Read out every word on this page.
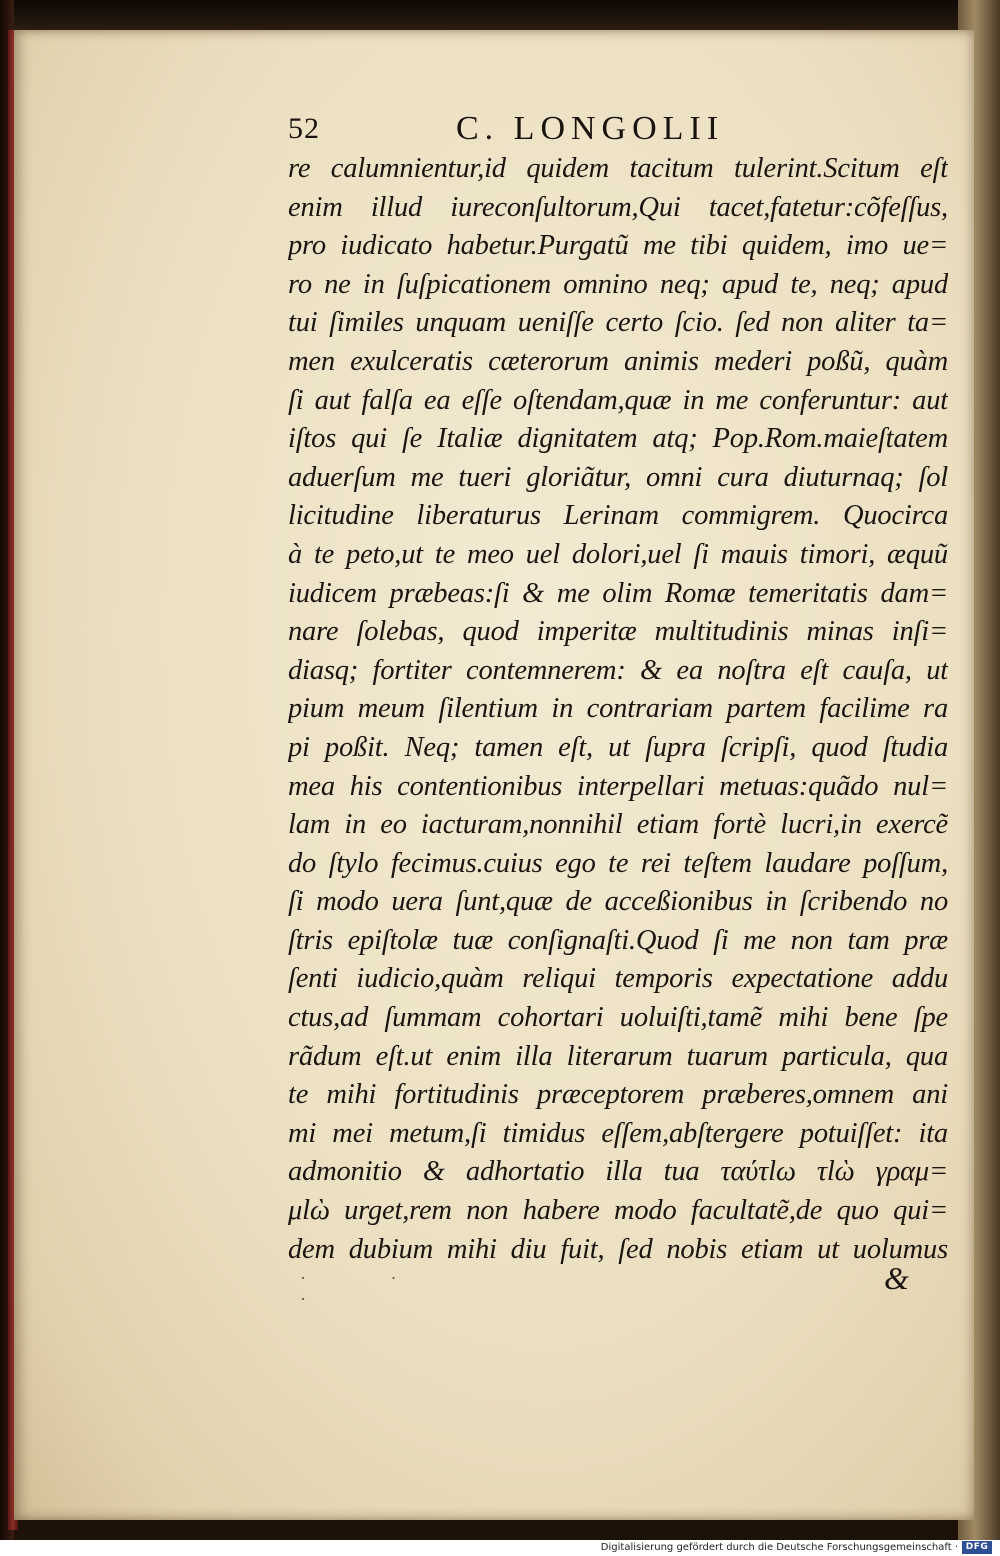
52	C. LONGOLII
re calumnientur,id quidem tacitum tulerint.Scitum eſt
enim illud iureconſultorum,Qui tacet,fatetur:cõfeſſus,
pro iudicato habetur.Purgatũ me tibi quidem, imo ue=
ro ne in ſuſpicationem omnino neq; apud te, neq; apud
tui ſimiles unquam ueniſſe certo ſcio. ſed non aliter ta=
men exulceratis cæterorum animis mederi poßũ, quàm
ſi aut falſa ea eſſe oſtendam,quæ in me conferuntur: aut
iſtos qui ſe Italiæ dignitatem atq; Pop.Rom.maieſtatem
aduerſum me tueri gloriãtur, omni cura diuturnaq; ſol
licitudine liberaturus Lerinam commigrem. Quocirca
à te peto,ut te meo uel dolori,uel ſi mauis timori, æquũ
iudicem præbeas:ſi & me olim Romæ temeritatis dam=
nare ſolebas, quod imperitæ multitudinis minas inſi=
diasq; fortiter contemnerem: & ea noſtra eſt cauſa, ut
pium meum ſilentium in contrariam partem facilime ra
pi poßit. Neq; tamen eſt, ut ſupra ſcripſi, quod ſtudia
mea his contentionibus interpellari metuas:quãdo nul=
lam in eo iacturam,nonnihil etiam fortè lucri,in exercẽ
do ſtylo fecimus.cuius ego te rei teſtem laudare poſſum,
ſi modo uera ſunt,quæ de acceßionibus in ſcribendo no
ſtris epiſtolæ tuæ conſignaſti.Quod ſi me non tam præ
ſenti iudicio,quàm reliqui temporis expectatione addu
ctus,ad ſummam cohortari uoluiſti,tamẽ mihi bene ſpe
rãdum eſt.ut enim illa literarum tuarum particula, qua
te mihi fortitudinis præceptorem præberes,omnem ani
mi mei metum,ſi timidus eſſem,abſtergere potuiſſet: ita
admonitio & adhortatio illa tua ταύτlω τlὼ γραμ=
μlὼ urget,rem non habere modo facultatẽ,de quo qui=
dem dubium mihi diu fuit, ſed nobis etiam ut uolumus
· · ·
&
Digitalisierung gefördert durch die Deutsche Forschungsgemeinschaft · DFG
